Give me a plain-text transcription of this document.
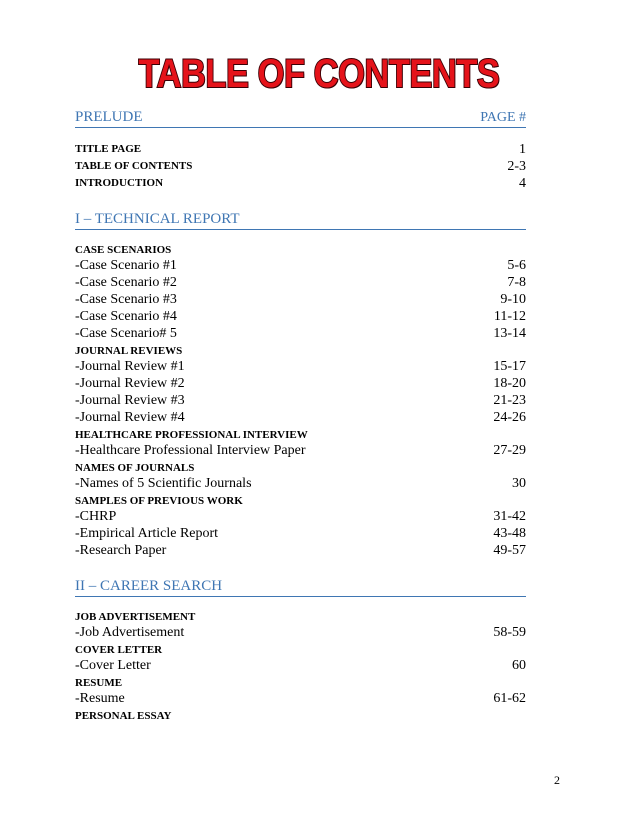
TABLE OF CONTENTS
PRELUDE	PAGE #
TITLE PAGE	1
TABLE OF CONTENTS	2-3
INTRODUCTION	4
I – TECHNICAL REPORT
CASE SCENARIOS
-Case Scenario #1	5-6
-Case Scenario #2	7-8
-Case Scenario #3	9-10
-Case Scenario #4	11-12
-Case Scenario# 5	13-14
JOURNAL REVIEWS
-Journal Review #1	15-17
-Journal Review #2	18-20
-Journal Review #3	21-23
-Journal Review #4	24-26
HEALTHCARE PROFESSIONAL INTERVIEW
-Healthcare Professional Interview Paper	27-29
NAMES OF JOURNALS
-Names of 5 Scientific Journals	30
SAMPLES OF PREVIOUS WORK
-CHRP	31-42
-Empirical Article Report	43-48
-Research Paper	49-57
II – CAREER SEARCH
JOB ADVERTISEMENT
-Job Advertisement	58-59
COVER LETTER
-Cover Letter	60
RESUME
-Resume	61-62
PERSONAL ESSAY
2
